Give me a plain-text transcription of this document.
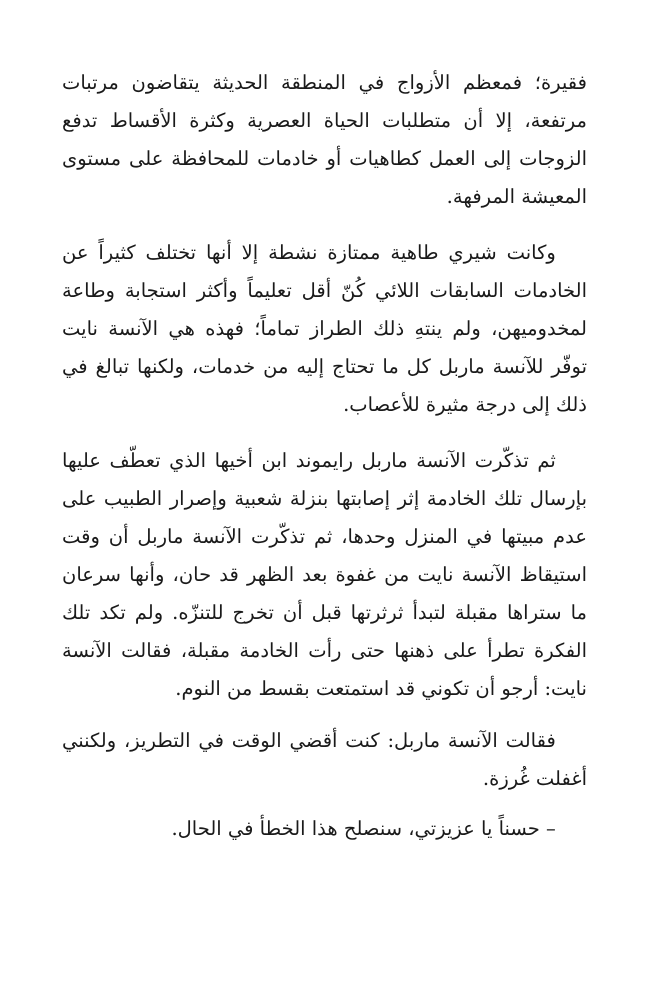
فقيرة؛ فمعظم الأزواج في المنطقة الحديثة يتقاضون مرتبات مرتفعة، إلا أن متطلبات الحياة العصرية وكثرة الأقساط تدفع الزوجات إلى العمل كطاهيات أو خادمات للمحافظة على مستوى المعيشة المرفهة.

وكانت شيري طاهية ممتازة نشطة إلا أنها تختلف كثيراً عن الخادمات السابقات اللائي كُنّ أقل تعليماً وأكثر استجابة وطاعة لمخدوميهن، ولم ينتهِ ذلك الطراز تماماً؛ فهذه هي الآنسة نايت توفّر للآنسة ماربل كل ما تحتاج إليه من خدمات، ولكنها تبالغ في ذلك إلى درجة مثيرة للأعصاب.

ثم تذكّرت الآنسة ماربل رايموند ابن أخيها الذي تعطّف عليها بإرسال تلك الخادمة إثر إصابتها بنزلة شعبية وإصرار الطبيب على عدم مبيتها في المنزل وحدها، ثم تذكّرت الآنسة ماربل أن وقت استيقاظ الآنسة نايت من غفوة بعد الظهر قد حان، وأنها سرعان ما ستراها مقبلة لتبدأ ثرثرتها قبل أن تخرج للتنزّه. ولم تكد تلك الفكرة تطرأ على ذهنها حتى رأت الخادمة مقبلة، فقالت الآنسة نايت: أرجو أن تكوني قد استمتعت بقسط من النوم.

فقالت الآنسة ماربل: كنت أقضي الوقت في التطريز، ولكنني أغفلت غُرزة.

– حسناً يا عزيزتي، سنصلح هذا الخطأ في الحال.
